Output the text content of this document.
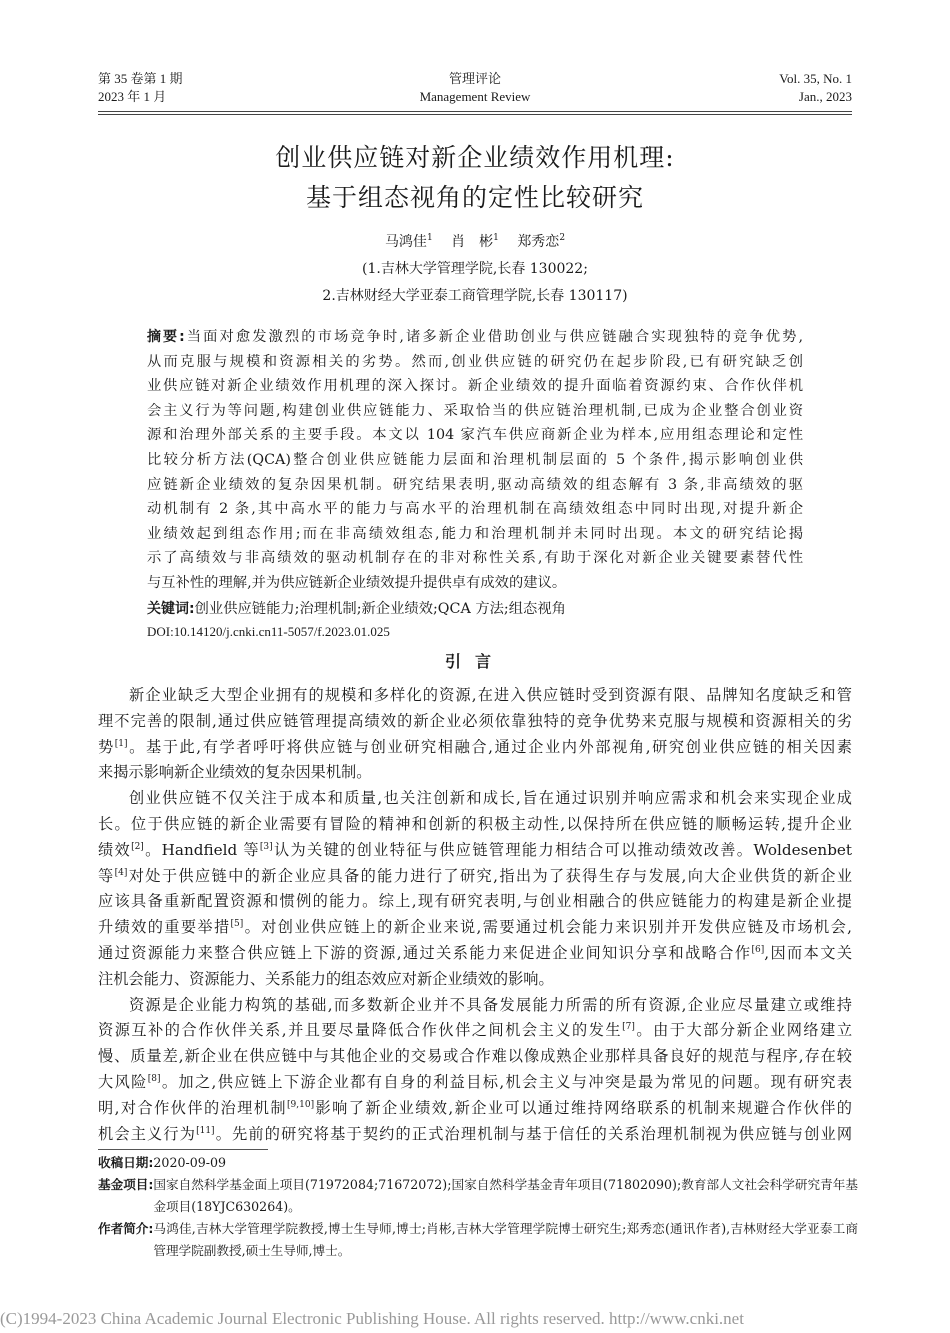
第 35 卷第 1 期
2023 年 1 月
管理评论
Management Review
Vol. 35, No. 1
Jan., 2023
创业供应链对新企业绩效作用机理:
基于组态视角的定性比较研究
马鸿佳$^1$  肖　彬$^1$  郑秀恋$^2$
(1.吉林大学管理学院,长春 130022;
2.吉林财经大学亚泰工商管理学院,长春 130117)
摘要:当面对愈发激烈的市场竞争时,诸多新企业借助创业与供应链融合实现独特的竞争优势,
从而克服与规模和资源相关的劣势。然而,创业供应链的研究仍在起步阶段,已有研究缺乏创
业供应链对新企业绩效作用机理的深入探讨。新企业绩效的提升面临着资源约束、合作伙伴机
会主义行为等问题,构建创业供应链能力、采取恰当的供应链治理机制,已成为企业整合创业资
源和治理外部关系的主要手段。本文以 104 家汽车供应商新企业为样本,应用组态理论和定性
比较分析方法(QCA)整合创业供应链能力层面和治理机制层面的 5 个条件,揭示影响创业供
应链新企业绩效的复杂因果机制。研究结果表明,驱动高绩效的组态解有 3 条,非高绩效的驱
动机制有 2 条,其中高水平的能力与高水平的治理机制在高绩效组态中同时出现,对提升新企
业绩效起到组态作用;而在非高绩效组态,能力和治理机制并未同时出现。本文的研究结论揭
示了高绩效与非高绩效的驱动机制存在的非对称性关系,有助于深化对新企业关键要素替代性
与互补性的理解,并为供应链新企业绩效提升提供卓有成效的建议。
关键词:创业供应链能力;治理机制;新企业绩效;QCA 方法;组态视角
DOI:10.14120/j.cnki.cn11-5057/f.2023.01.025
引言
新企业缺乏大型企业拥有的规模和多样化的资源,在进入供应链时受到资源有限、品牌知名度缺乏和管
理不完善的限制,通过供应链管理提高绩效的新企业必须依靠独特的竞争优势来克服与规模和资源相关的劣
势[1]。基于此,有学者呼吁将供应链与创业研究相融合,通过企业内外部视角,研究创业供应链的相关因素
来揭示影响新企业绩效的复杂因果机制。
创业供应链不仅关注于成本和质量,也关注创新和成长,旨在通过识别并响应需求和机会来实现企业成
长。位于供应链的新企业需要有冒险的精神和创新的积极主动性,以保持所在供应链的顺畅运转,提升企业
绩效[2]。Handfield 等[3]认为关键的创业特征与供应链管理能力相结合可以推动绩效改善。Woldesenbet
等[4]对处于供应链中的新企业应具备的能力进行了研究,指出为了获得生存与发展,向大企业供货的新企业
应该具备重新配置资源和惯例的能力。综上,现有研究表明,与创业相融合的供应链能力的构建是新企业提
升绩效的重要举措[5]。对创业供应链上的新企业来说,需要通过机会能力来识别并开发供应链及市场机会,
通过资源能力来整合供应链上下游的资源,通过关系能力来促进企业间知识分享和战略合作[6],因而本文关
注机会能力、资源能力、关系能力的组态效应对新企业绩效的影响。
资源是企业能力构筑的基础,而多数新企业并不具备发展能力所需的所有资源,企业应尽量建立或维持
资源互补的合作伙伴关系,并且要尽量降低合作伙伴之间机会主义的发生[7]。由于大部分新企业网络建立
慢、质量差,新企业在供应链中与其他企业的交易或合作难以像成熟企业那样具备良好的规范与程序,存在较
大风险[8]。加之,供应链上下游企业都有自身的利益目标,机会主义与冲突是最为常见的问题。现有研究表
明,对合作伙伴的治理机制[9,10]影响了新企业绩效,新企业可以通过维持网络联系的机制来规避合作伙伴的
机会主义行为[11]。先前的研究将基于契约的正式治理机制与基于信任的关系治理机制视为供应链与创业网
收稿日期: 2020-09-09
基金项目: 国家自然科学基金面上项目(71972084;71672072);国家自然科学基金青年项目(71802090);教育部人文社会科学研究青年基金项目(18YJC630264)。
作者简介: 马鸿佳,吉林大学管理学院教授,博士生导师,博士;肖彬,吉林大学管理学院博士研究生;郑秀恋(通讯作者),吉林财经大学亚泰工商管理学院副教授,硕士生导师,博士。
(C)1994-2023 China Academic Journal Electronic Publishing House. All rights reserved. http://www.cnki.net
